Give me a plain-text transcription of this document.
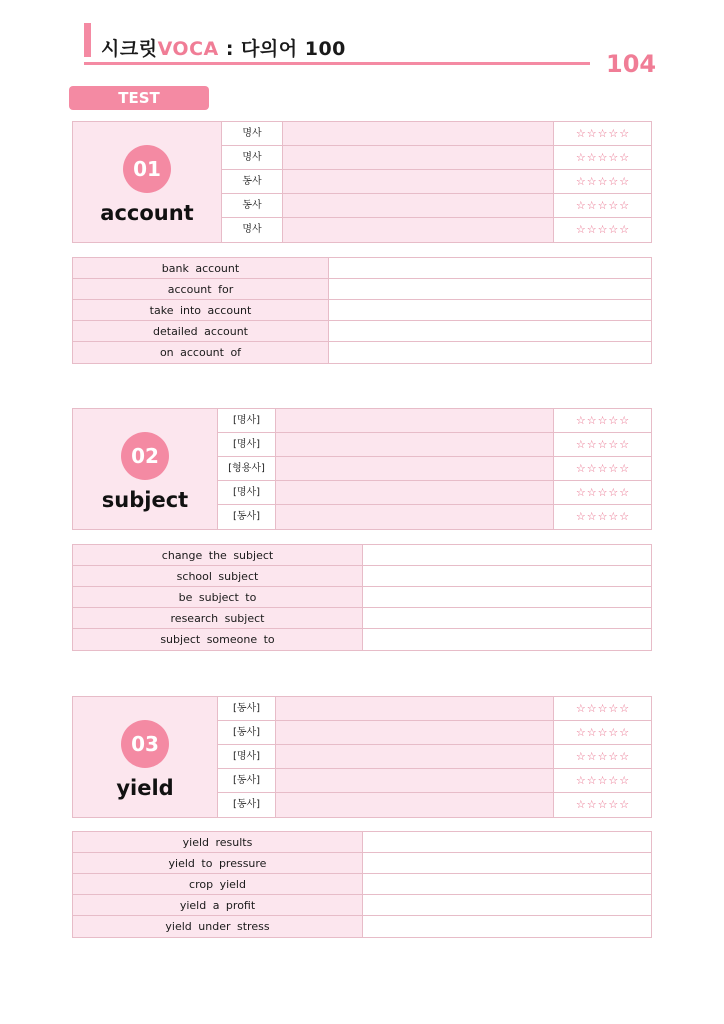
시크릿VOCA : 다의어 100
104
TEST
01
account
명사	☆☆☆☆☆
명사	☆☆☆☆☆
동사	☆☆☆☆☆
동사	☆☆☆☆☆
명사	☆☆☆☆☆
bank account
account for
take into account
detailed account
on account of
02
subject
[명사]	☆☆☆☆☆
[명사]	☆☆☆☆☆
[형용사]	☆☆☆☆☆
[명사]	☆☆☆☆☆
[동사]	☆☆☆☆☆
change the subject
school subject
be subject to
research subject
subject someone to
03
yield
[동사]	☆☆☆☆☆
[동사]	☆☆☆☆☆
[명사]	☆☆☆☆☆
[동사]	☆☆☆☆☆
[동사]	☆☆☆☆☆
yield results
yield to pressure
crop yield
yield a profit
yield under stress
